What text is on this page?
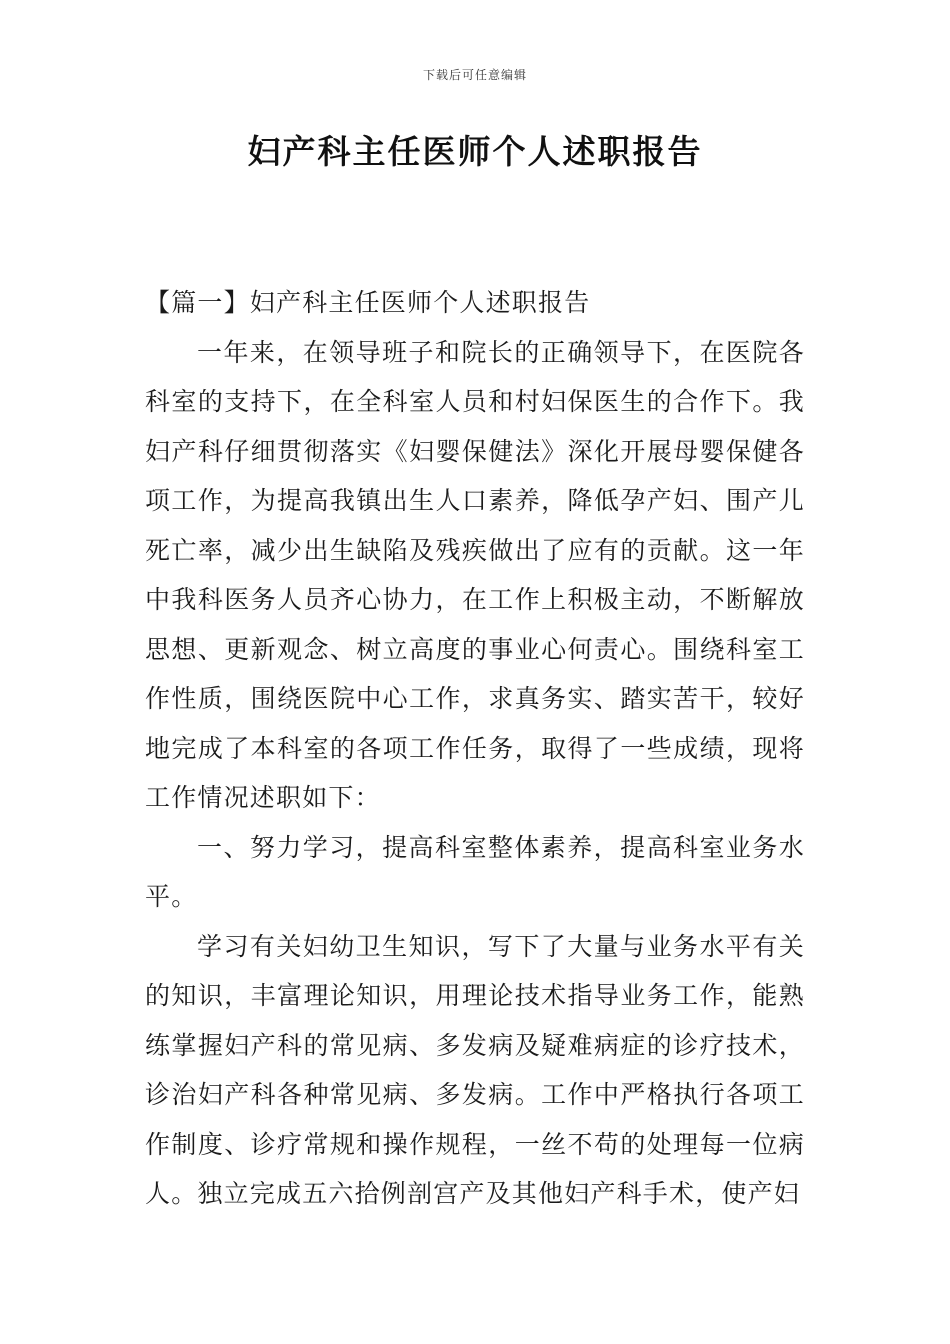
下载后可任意编辑
妇产科主任医师个人述职报告

【篇一】妇产科主任医师个人述职报告

一年来，在领导班子和院长的正确领导下，在医院各科室的支持下，在全科室人员和村妇保医生的合作下。我妇产科仔细贯彻落实《妇婴保健法》深化开展母婴保健各项工作，为提高我镇出生人口素养，降低孕产妇、围产儿死亡率，减少出生缺陷及残疾做出了应有的贡献。这一年中我科医务人员齐心协力，在工作上积极主动，不断解放思想、更新观念、树立高度的事业心何责心。围绕科室工作性质，围绕医院中心工作，求真务实、踏实苦干，较好地完成了本科室的各项工作任务，取得了一些成绩，现将工作情况述职如下：

一、努力学习，提高科室整体素养，提高科室业务水平。

学习有关妇幼卫生知识，写下了大量与业务水平有关的知识，丰富理论知识，用理论技术指导业务工作，能熟练掌握妇产科的常见病、多发病及疑难病症的诊疗技术，诊治妇产科各种常见病、多发病。工作中严格执行各项工作制度、诊疗常规和操作规程，一丝不苟的处理每一位病人。独立完成五六拾例剖宫产及其他妇产科手术，使产妇
